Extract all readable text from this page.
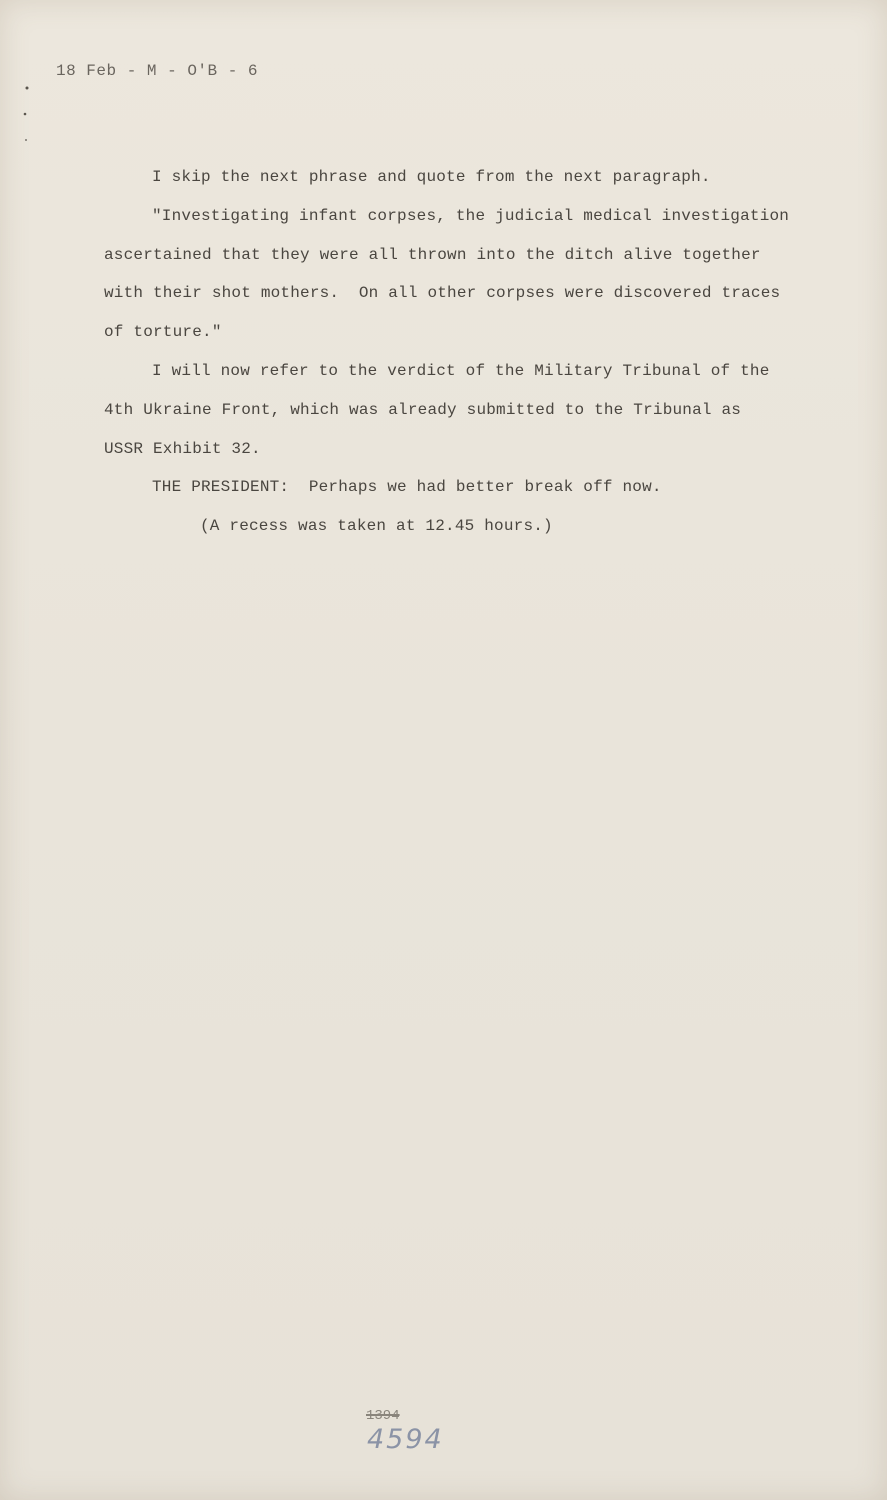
18 Feb - M - O'B - 6

I skip the next phrase and quote from the next paragraph.

"Investigating infant corpses, the judicial medical investigation

ascertained that they were all thrown into the ditch alive together

with their shot mothers.  On all other corpses were discovered traces

of torture."

I will now refer to the verdict of the Military Tribunal of the

4th Ukraine Front, which was already submitted to the Tribunal as

USSR Exhibit 32.

THE PRESIDENT:  Perhaps we had better break off now.

(A recess was taken at 12.45 hours.)

1394
4594
